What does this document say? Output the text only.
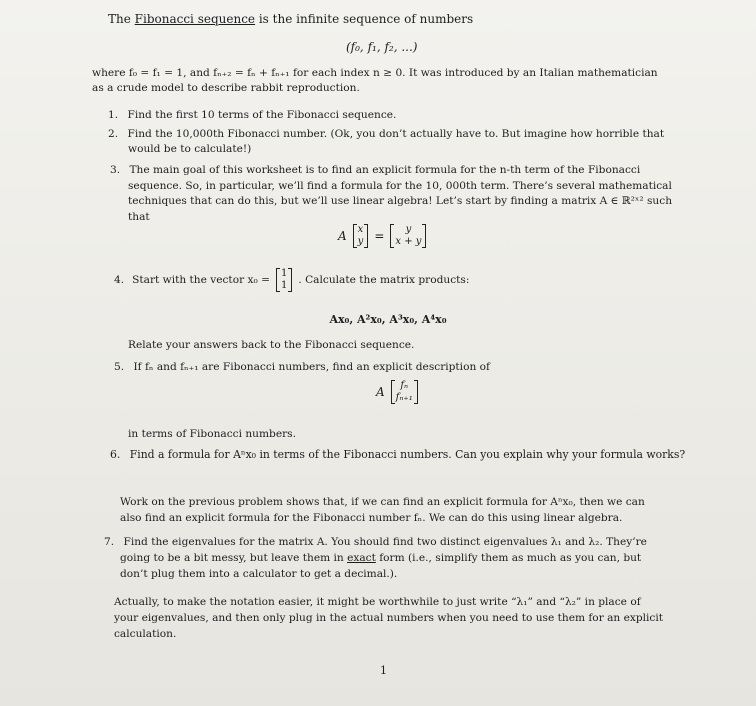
The Fibonacci sequence is the infinite sequence of numbers
(f₀, f₁, f₂, ...)
where f₀ = f₁ = 1, and fₙ₊₂ = fₙ + fₙ₊₁ for each index n ≥ 0. It was introduced by an Italian mathematician
as a crude model to describe rabbit reproduction.
1. Find the first 10 terms of the Fibonacci sequence.
2. Find the 10,000th Fibonacci number. (Ok, you don’t actually have to. But imagine how horrible that
would be to calculate!)
3. The main goal of this worksheet is to find an explicit formula for the n-th term of the Fibonacci
sequence. So, in particular, we’ll find a formula for the 10, 000th term. There’s several mathematical
techniques that can do this, but we’ll use linear algebra! Let’s start by finding a matrix A ∈ ℝ²ˣ² such
that
A x
y =	y
x + y
4. Start with the vector x₀ = 1
1 . Calculate the matrix products:
Ax₀, A²x₀, A³x₀, A⁴x₀
Relate your answers back to the Fibonacci sequence.
5. If fₙ and fₙ₊₁ are Fibonacci numbers, find an explicit description of
A	fₙ
fₙ₊₁
in terms of Fibonacci numbers.
6. Find a formula for Aⁿx₀ in terms of the Fibonacci numbers. Can you explain why your formula works?
Work on the previous problem shows that, if we can find an explicit formula for Aⁿx₀, then we can
also find an explicit formula for the Fibonacci number fₙ. We can do this using linear algebra.
7. Find the eigenvalues for the matrix A. You should find two distinct eigenvalues λ₁ and λ₂. They’re
going to be a bit messy, but leave them in exact form (i.e., simplify them as much as you can, but
don’t plug them into a calculator to get a decimal.).
Actually, to make the notation easier, it might be worthwhile to just write “λ₁” and “λ₂” in place of
your eigenvalues, and then only plug in the actual numbers when you need to use them for an explicit
calculation.
1
